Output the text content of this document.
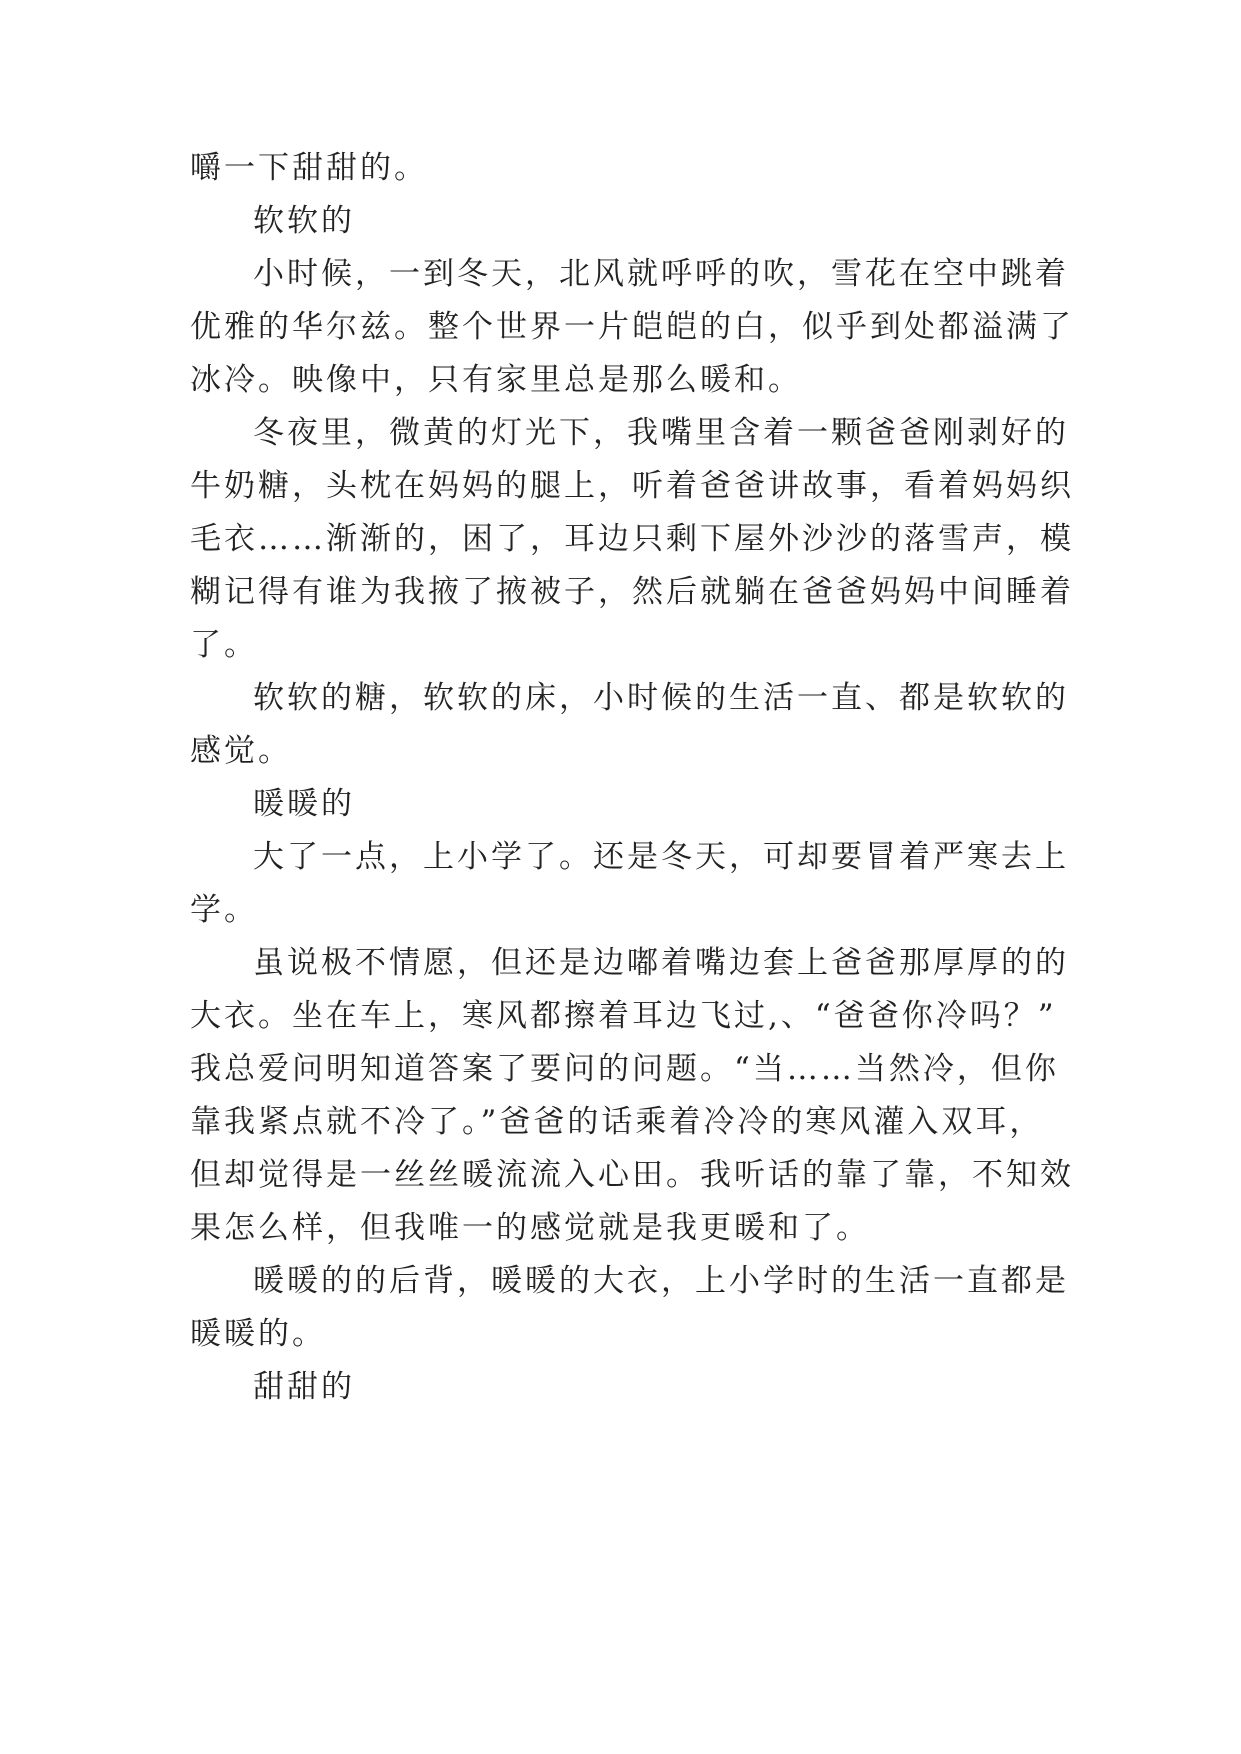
嚼一下甜甜的。
软软的
小时候，一到冬天，北风就呼呼的吹，雪花在空中跳着
优雅的华尔兹。整个世界一片皑皑的白，似乎到处都溢满了
冰冷。映像中，只有家里总是那么暖和。
冬夜里，微黄的灯光下，我嘴里含着一颗爸爸刚剥好的
牛奶糖，头枕在妈妈的腿上，听着爸爸讲故事，看着妈妈织
毛衣……渐渐的，困了，耳边只剩下屋外沙沙的落雪声，模
糊记得有谁为我掖了掖被子，然后就躺在爸爸妈妈中间睡着
了。
软软的糖，软软的床，小时候的生活一直、都是软软的
感觉。
暖暖的
大了一点，上小学了。还是冬天，可却要冒着严寒去上
学。
虽说极不情愿，但还是边嘟着嘴边套上爸爸那厚厚的的
大衣。坐在车上，寒风都擦着耳边飞过,、“爸爸你冷吗？”
我总爱问明知道答案了要问的问题。“当……当然冷，但你
靠我紧点就不冷了。”爸爸的话乘着冷冷的寒风灌入双耳，
但却觉得是一丝丝暖流流入心田。我听话的靠了靠，不知效
果怎么样，但我唯一的感觉就是我更暖和了。
暖暖的的后背，暖暖的大衣，上小学时的生活一直都是
暖暖的。
甜甜的
